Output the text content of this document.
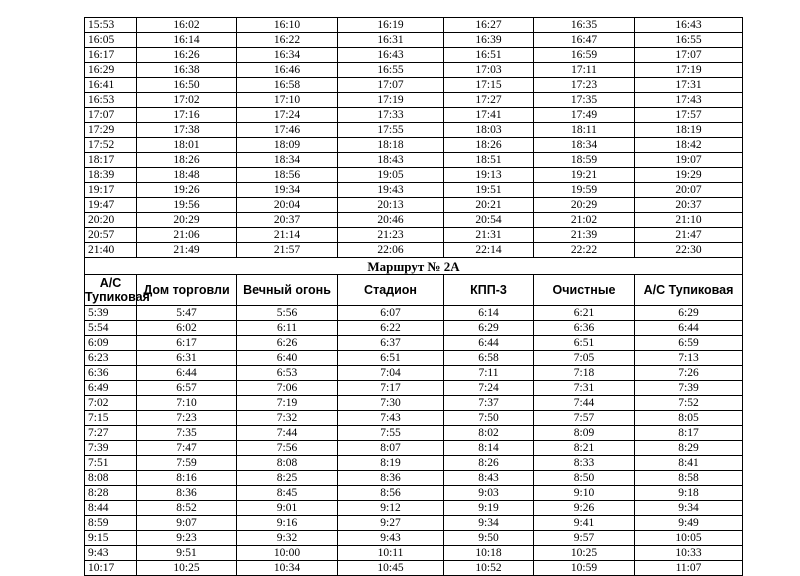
15:53	16:02	16:10	16:19	16:27	16:35	16:43
16:05	16:14	16:22	16:31	16:39	16:47	16:55
16:17	16:26	16:34	16:43	16:51	16:59	17:07
16:29	16:38	16:46	16:55	17:03	17:11	17:19
16:41	16:50	16:58	17:07	17:15	17:23	17:31
16:53	17:02	17:10	17:19	17:27	17:35	17:43
17:07	17:16	17:24	17:33	17:41	17:49	17:57
17:29	17:38	17:46	17:55	18:03	18:11	18:19
17:52	18:01	18:09	18:18	18:26	18:34	18:42
18:17	18:26	18:34	18:43	18:51	18:59	19:07
18:39	18:48	18:56	19:05	19:13	19:21	19:29
19:17	19:26	19:34	19:43	19:51	19:59	20:07
19:47	19:56	20:04	20:13	20:21	20:29	20:37
20:20	20:29	20:37	20:46	20:54	21:02	21:10
20:57	21:06	21:14	21:23	21:31	21:39	21:47
21:40	21:49	21:57	22:06	22:14	22:22	22:30
Маршрут № 2А						
А/С Тупиковая	Дом торговли	Вечный огонь	Стадион	КПП-3	Очистные	А/С Тупиковая
5:39	5:47	5:56	6:07	6:14	6:21	6:29
5:54	6:02	6:11	6:22	6:29	6:36	6:44
6:09	6:17	6:26	6:37	6:44	6:51	6:59
6:23	6:31	6:40	6:51	6:58	7:05	7:13
6:36	6:44	6:53	7:04	7:11	7:18	7:26
6:49	6:57	7:06	7:17	7:24	7:31	7:39
7:02	7:10	7:19	7:30	7:37	7:44	7:52
7:15	7:23	7:32	7:43	7:50	7:57	8:05
7:27	7:35	7:44	7:55	8:02	8:09	8:17
7:39	7:47	7:56	8:07	8:14	8:21	8:29
7:51	7:59	8:08	8:19	8:26	8:33	8:41
8:08	8:16	8:25	8:36	8:43	8:50	8:58
8:28	8:36	8:45	8:56	9:03	9:10	9:18
8:44	8:52	9:01	9:12	9:19	9:26	9:34
8:59	9:07	9:16	9:27	9:34	9:41	9:49
9:15	9:23	9:32	9:43	9:50	9:57	10:05
9:43	9:51	10:00	10:11	10:18	10:25	10:33
10:17	10:25	10:34	10:45	10:52	10:59	11:07
